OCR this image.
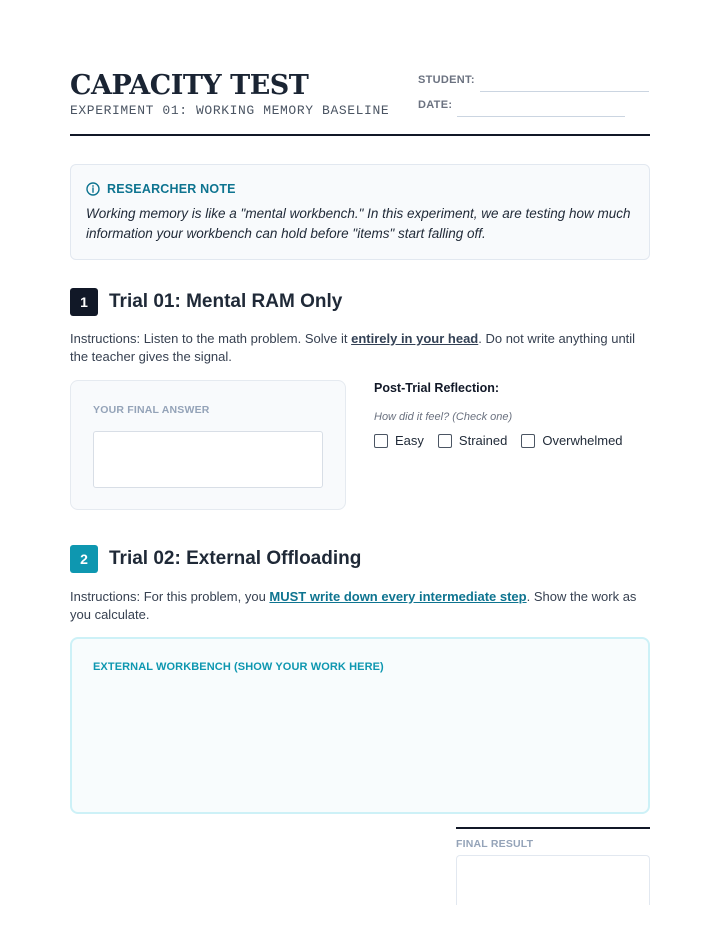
CAPACITY TEST
EXPERIMENT 01: WORKING MEMORY BASELINE
STUDENT:
DATE:
RESEARCHER NOTE
Working memory is like a "mental workbench." In this experiment, we are testing how much information your workbench can hold before "items" start falling off.
1	Trial 01: Mental RAM Only
Instructions: Listen to the math problem. Solve it entirely in your head. Do not write anything until the teacher gives the signal.
YOUR FINAL ANSWER
Post-Trial Reflection:
How did it feel? (Check one)
Easy	Strained	Overwhelmed
2	Trial 02: External Offloading
Instructions: For this problem, you MUST write down every intermediate step. Show the work as you calculate.
EXTERNAL WORKBENCH (SHOW YOUR WORK HERE)
FINAL RESULT
